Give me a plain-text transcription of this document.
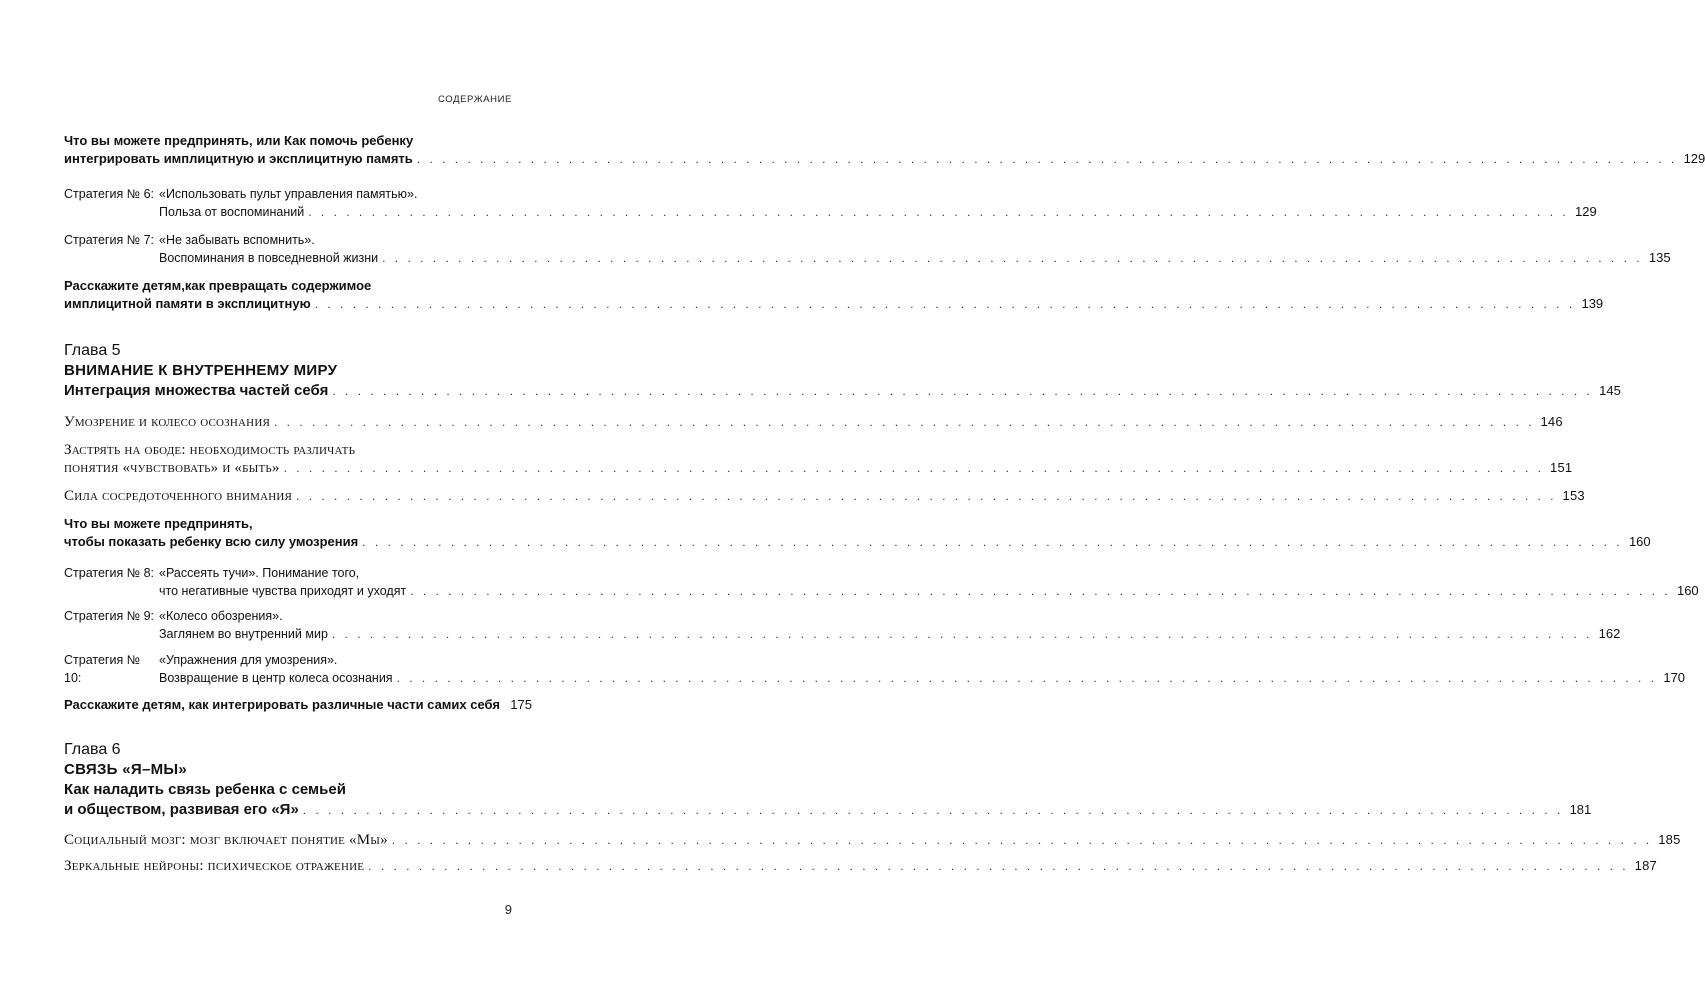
СОДЕРЖАНИЕ
Что вы можете предпринять, или Как помочь ребенку
интегрировать имплицитную и эксплицитную память . . .	129
Стратегия № 6: «Использовать пульт управления памятью».
Польза от воспоминаний . . .	129
Стратегия № 7: «Не забывать вспомнить».
Воспоминания в повседневной жизни . . .	135
Расскажите детям,как превращать содержимое
имплицитной памяти в эксплицитную . . .	139
Глава 5
ВНИМАНИЕ К ВНУТРЕННЕМУ МИРУ
Интеграция множества частей себя . . .	145
Умозрение и колесо осознания . . .	146
Застрять на ободе: необходимость различать
понятия «чувствовать» и «быть» . . .	151
Сила сосредоточенного внимания . . .	153
Что вы можете предпринять,
чтобы показать ребенку всю силу умозрения . . .	160
Стратегия № 8: «Рассеять тучи». Понимание того,
что негативные чувства приходят и уходят . . .	160
Стратегия № 9: «Колесо обозрения».
Заглянем во внутренний мир . . .	162
Стратегия № 10:
«Упражнения для умозрения».
Возвращение в центр колеса осознания . . .	170
Расскажите детям, как интегрировать различные части самих себя 175
Глава 6
СВЯЗЬ «Я–МЫ»
Как наладить связь ребенка с семьей
и обществом, развивая его «Я» . . .	181
Социальный мозг: мозг включает понятие «Мы» . . .	185
Зеркальные нейроны: психическое отражение . . .	187
9
